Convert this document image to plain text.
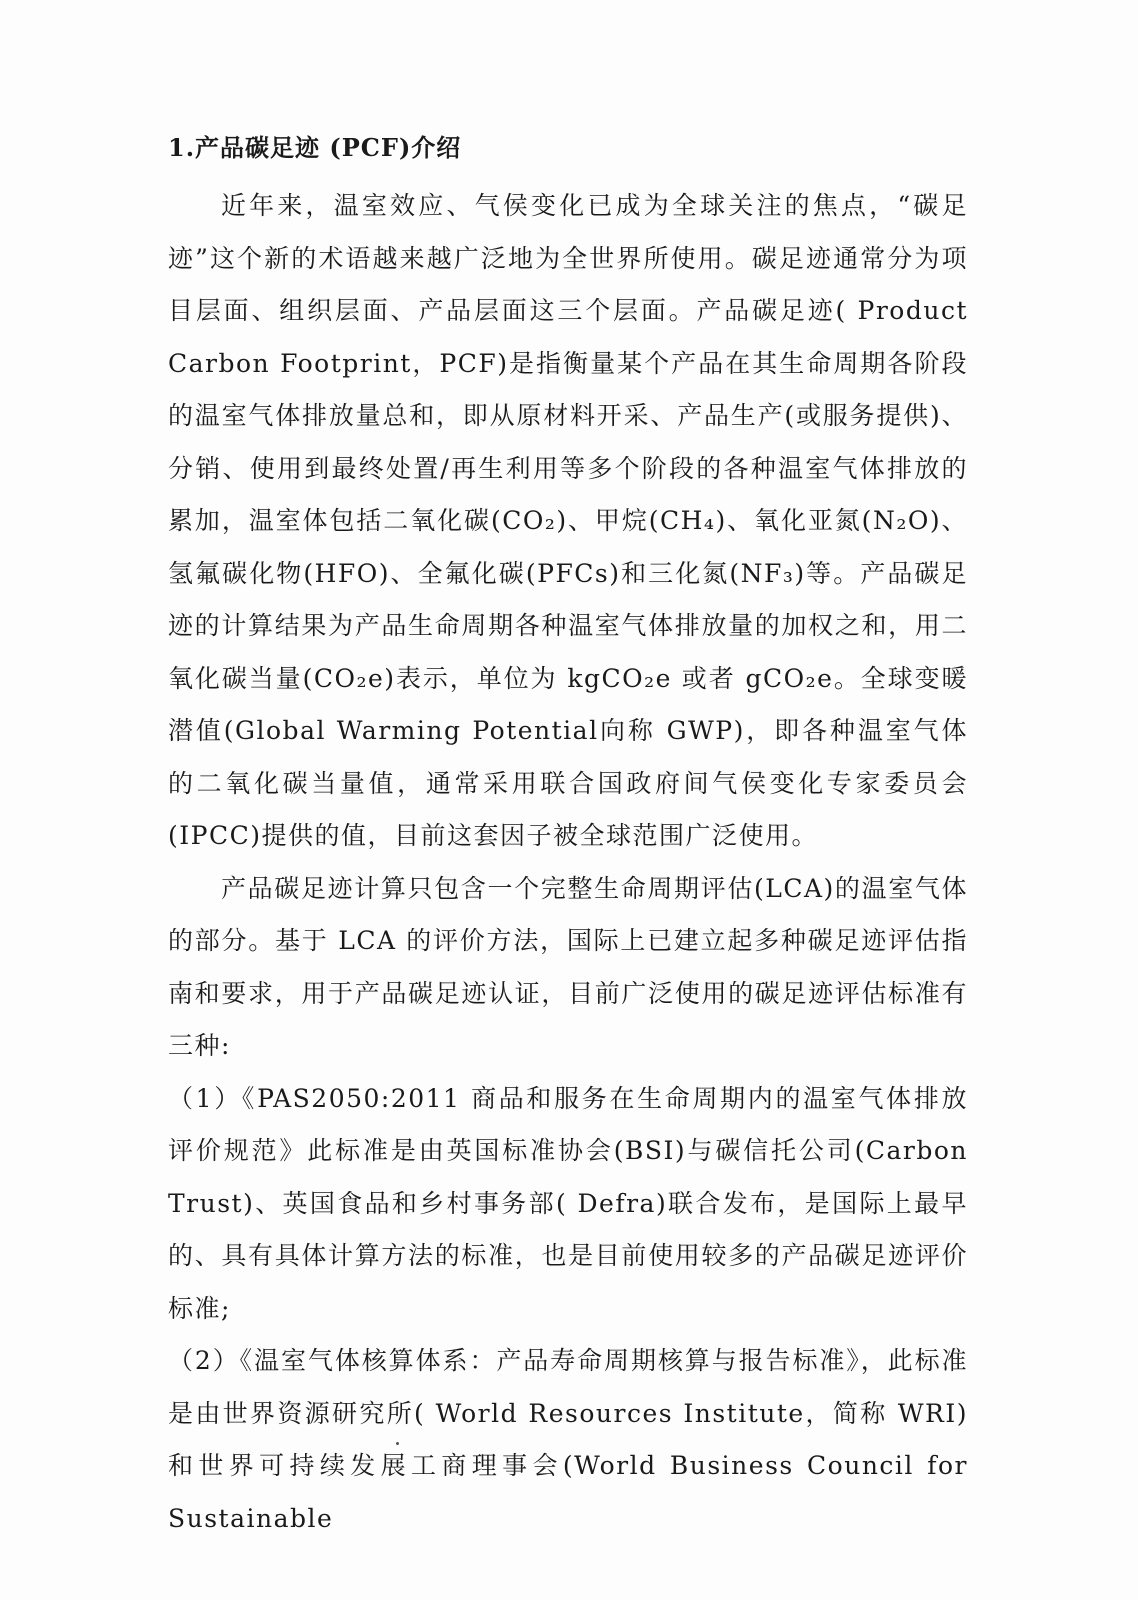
1.产品碳足迹 (PCF)介绍

近年来，温室效应、气侯变化已成为全球关注的焦点，“碳足迹”这个新的术语越来越广泛地为全世界所使用。碳足迹通常分为项目层面、组织层面、产品层面这三个层面。产品碳足迹( Product Carbon Footprint，PCF)是指衡量某个产品在其生命周期各阶段的温室气体排放量总和，即从原材料开采、产品生产(或服务提供)、分销、使用到最终处置/再生利用等多个阶段的各种温室气体排放的累加，温室体包括二氧化碳(CO₂)、甲烷(CH₄)、氧化亚氮(N₂O)、氢氟碳化物(HFO)、全氟化碳(PFCs)和三化氮(NF₃)等。产品碳足迹的计算结果为产品生命周期各种温室气体排放量的加权之和，用二氧化碳当量(CO₂e)表示，单位为 kgCO₂e 或者 gCO₂e。全球变暖潜值(Global Warming Potential向称 GWP)，即各种温室气体的二氧化碳当量值，通常采用联合国政府间气侯变化专家委员会(IPCC)提供的值，目前这套因子被全球范围广泛使用。

产品碳足迹计算只包含一个完整生命周期评估(LCA)的温室气体的部分。基于 LCA 的评价方法，国际上已建立起多种碳足迹评估指南和要求，用于产品碳足迹认证，目前广泛使用的碳足迹评估标准有三种:

（1）《PAS2050:2011 商品和服务在生命周期内的温室气体排放评价规范》此标准是由英国标准协会(BSI)与碳信托公司(Carbon Trust)、英国食品和乡村事务部( Defra)联合发布，是国际上最早的、具有具体计算方法的标准，也是目前使用较多的产品碳足迹评价标准;

（2）《温室气体核算体系：产品寿命周期核算与报告标准》，此标准是由世界资源研究所( World Resources Institute，简称 WRI)和世界可持续发展工商理事会(World Business Council for Sustainable
